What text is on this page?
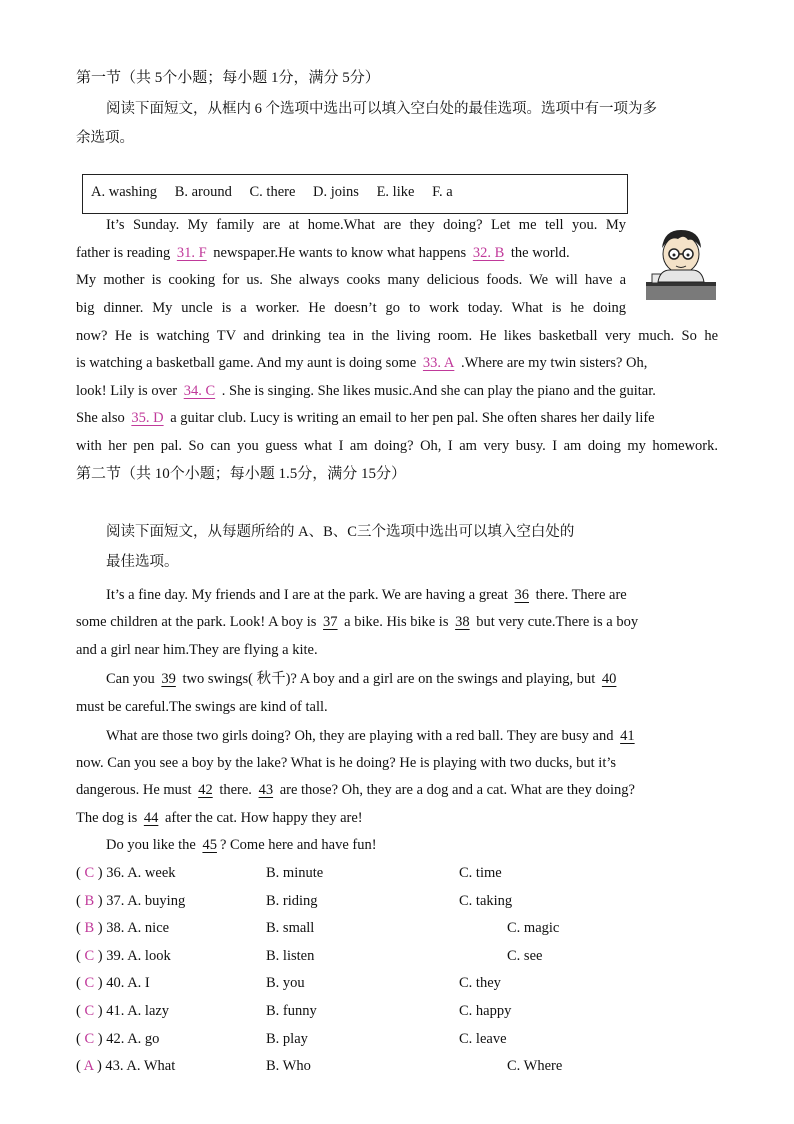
第一节（共 5个小题；每小题 1分，满分 5分）
阅读下面短文，从框内 6 个选项中选出可以填入空白处的最佳选项。选项中有一项为多
余选项。
A. washing B. around C. there D. joins E. like F. a
It’s Sunday. My family are at home.What are they doing? Let me tell you. My
father is reading 31. F newspaper.He wants to know what happens 32. B the world.
My mother is cooking for us. She always cooks many delicious foods. We will have a
big dinner. My uncle is a worker. He doesn’t go to work today. What is he doing
now? He is watching TV and drinking tea in the living room. He likes basketball very much. So he
is watching a basketball game. And my aunt is doing some 33. A .Where are my twin sisters? Oh,
look! Lily is over 34. C . She is singing. She likes music.And she can play the piano and the guitar.
She also 35. D a guitar club. Lucy is writing an email to her pen pal. She often shares her daily life
with her pen pal. So can you guess what I am doing? Oh, I am very busy. I am doing my homework.
第二节（共 10个小题；每小题 1.5分，满分 15分）
阅读下面短文，从每题所给的 A、B、C三个选项中选出可以填入空白处的
最佳选项。
It’s a fine day. My friends and I are at the park. We are having a great 36 there. There are
some children at the park. Look! A boy is 37 a bike. His bike is 38 but very cute.There is a boy
and a girl near him.They are flying a kite.
Can you 39 two swings( 秋千)? A boy and a girl are on the swings and playing, but 40
must be careful.The swings are kind of tall.
What are those two girls doing? Oh, they are playing with a red ball. They are busy and 41
now. Can you see a boy by the lake? What is he doing? He is playing with two ducks, but it’s
dangerous. He must 42 there. 43 are those? Oh, they are a dog and a cat. What are they doing?
The dog is 44 after the cat. How happy they are!
Do you like the 45 ? Come here and have fun!
( C ) 36. A. week	B. minute	C. time
( B ) 37. A. buying	B. riding	C. taking
( B ) 38. A. nice	B. small	C. magic
( C ) 39. A. look	B. listen	C. see
( C ) 40. A. I	B. you	C. they
( C ) 41. A. lazy	B. funny	C. happy
( C ) 42. A. go	B. play	C. leave
( A ) 43. A. What	B. Who	C. Where
